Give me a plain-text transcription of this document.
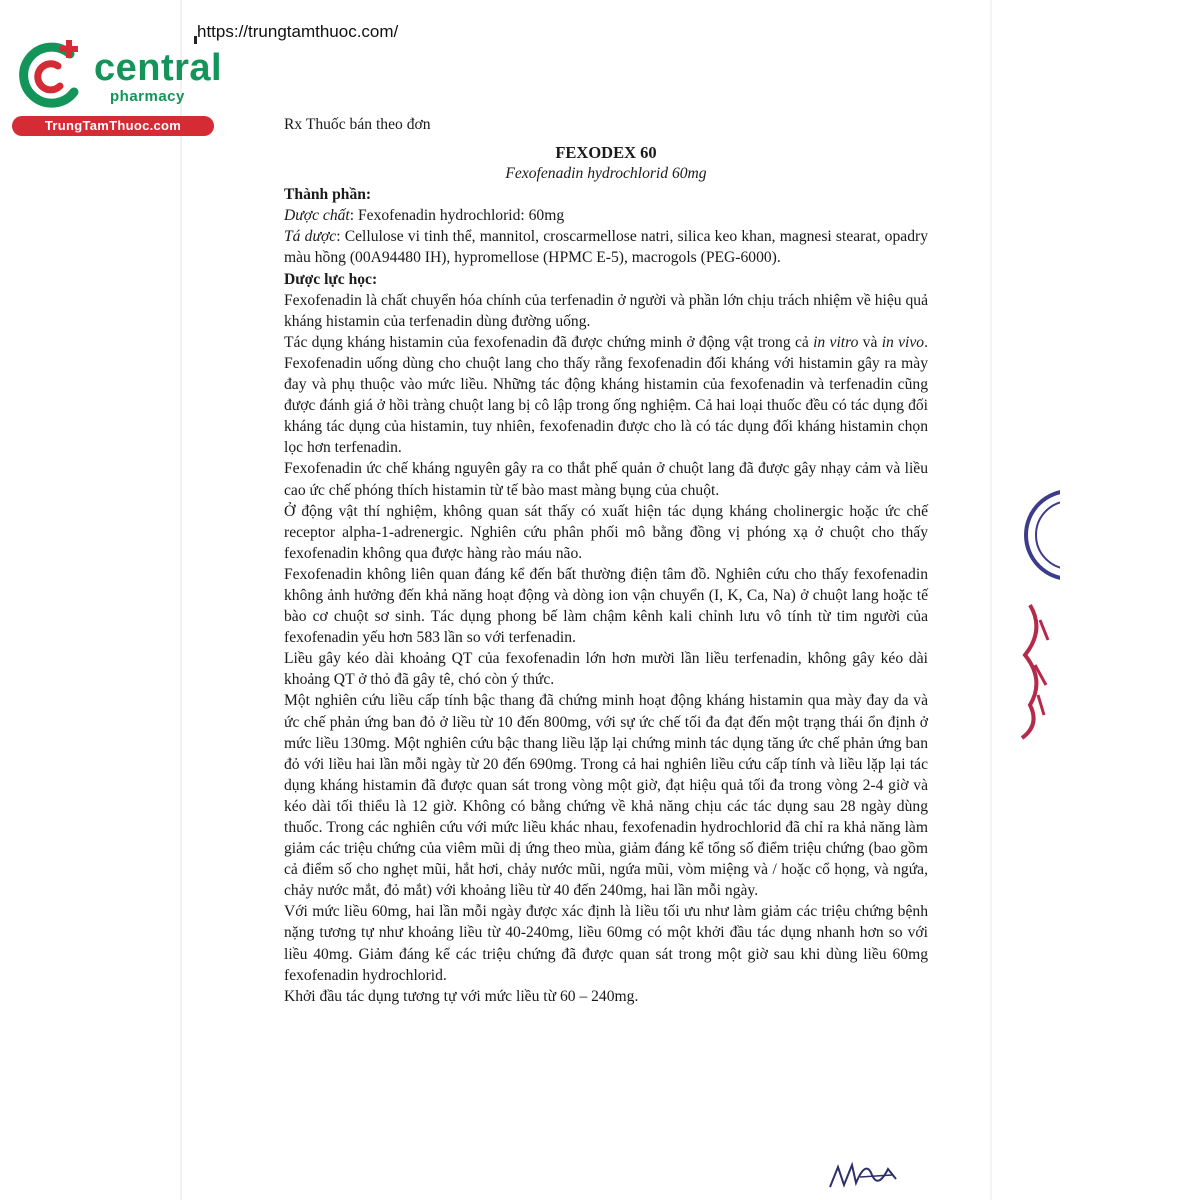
https://trungtamthuoc.com/
central
pharmacy
TrungTamThuoc.com	Rx Thuốc bán theo đơn

FEXODEX 60

Fexofenadin hydrochlorid 60mg

Thành phần:

Dược chất: Fexofenadin hydrochlorid: 60mg

Tá dược: Cellulose vi tinh thể, mannitol, croscarmellose natri, silica keo khan, magnesi stearat, opadry màu hồng (00A94480 IH), hypromellose (HPMC E-5), macrogols (PEG-6000).

Dược lực học:

Fexofenadin là chất chuyển hóa chính của terfenadin ở người và phần lớn chịu trách nhiệm về hiệu quả kháng histamin của terfenadin dùng đường uống.

Tác dụng kháng histamin của fexofenadin đã được chứng minh ở động vật trong cả in vitro và in vivo. Fexofenadin uống dùng cho chuột lang cho thấy rằng fexofenadin đối kháng với histamin gây ra mày đay và phụ thuộc vào mức liều. Những tác động kháng histamin của fexofenadin và terfenadin cũng được đánh giá ở hồi tràng chuột lang bị cô lập trong ống nghiệm. Cả hai loại thuốc đều có tác dụng đối kháng tác dụng của histamin, tuy nhiên, fexofenadin được cho là có tác dụng đối kháng histamin chọn lọc hơn terfenadin.

Fexofenadin ức chế kháng nguyên gây ra co thắt phế quản ở chuột lang đã được gây nhạy cảm và liều cao ức chế phóng thích histamin từ tế bào mast màng bụng của chuột.

Ở động vật thí nghiệm, không quan sát thấy có xuất hiện tác dụng kháng cholinergic hoặc ức chế receptor alpha-1-adrenergic. Nghiên cứu phân phối mô bằng đồng vị phóng xạ ở chuột cho thấy fexofenadin không qua được hàng rào máu não.

Fexofenadin không liên quan đáng kể đến bất thường điện tâm đồ. Nghiên cứu cho thấy fexofenadin không ảnh hưởng đến khả năng hoạt động và dòng ion vận chuyển (I, K, Ca, Na) ở chuột lang hoặc tế bào cơ chuột sơ sinh. Tác dụng phong bế làm chậm kênh kali chỉnh lưu vô tính từ tim người của fexofenadin yếu hơn 583 lần so với terfenadin.

Liều gây kéo dài khoảng QT của fexofenadin lớn hơn mười lần liều terfenadin, không gây kéo dài khoảng QT ở thỏ đã gây tê, chó còn ý thức.

Một nghiên cứu liều cấp tính bậc thang đã chứng minh hoạt động kháng histamin qua mày đay da và ức chế phản ứng ban đỏ ở liều từ 10 đến 800mg, với sự ức chế tối đa đạt đến một trạng thái ổn định ở mức liều 130mg. Một nghiên cứu bậc thang liều lặp lại chứng minh tác dụng tăng ức chế phản ứng ban đỏ với liều hai lần mỗi ngày từ 20 đến 690mg. Trong cả hai nghiên liều cứu cấp tính và liều lặp lại tác dụng kháng histamin đã được quan sát trong vòng một giờ, đạt hiệu quả tối đa trong vòng 2-4 giờ và kéo dài tối thiểu là 12 giờ. Không có bằng chứng về khả năng chịu các tác dụng sau 28 ngày dùng thuốc. Trong các nghiên cứu với mức liều khác nhau, fexofenadin hydrochlorid đã chỉ ra khả năng làm giảm các triệu chứng của viêm mũi dị ứng theo mùa, giảm đáng kể tổng số điểm triệu chứng (bao gồm cả điểm số cho nghẹt mũi, hắt hơi, chảy nước mũi, ngứa mũi, vòm miệng và / hoặc cổ họng, và ngứa, chảy nước mắt, đỏ mắt) với khoảng liều từ 40 đến 240mg, hai lần mỗi ngày.

Với mức liều 60mg, hai lần mỗi ngày được xác định là liều tối ưu như làm giảm các triệu chứng bệnh nặng tương tự như khoảng liều từ 40-240mg, liều 60mg có một khởi đầu tác dụng nhanh hơn so với liều 40mg. Giảm đáng kể các triệu chứng đã được quan sát trong một giờ sau khi dùng liều 60mg fexofenadin hydrochlorid.

Khởi đầu tác dụng tương tự với mức liều từ 60 – 240mg.
